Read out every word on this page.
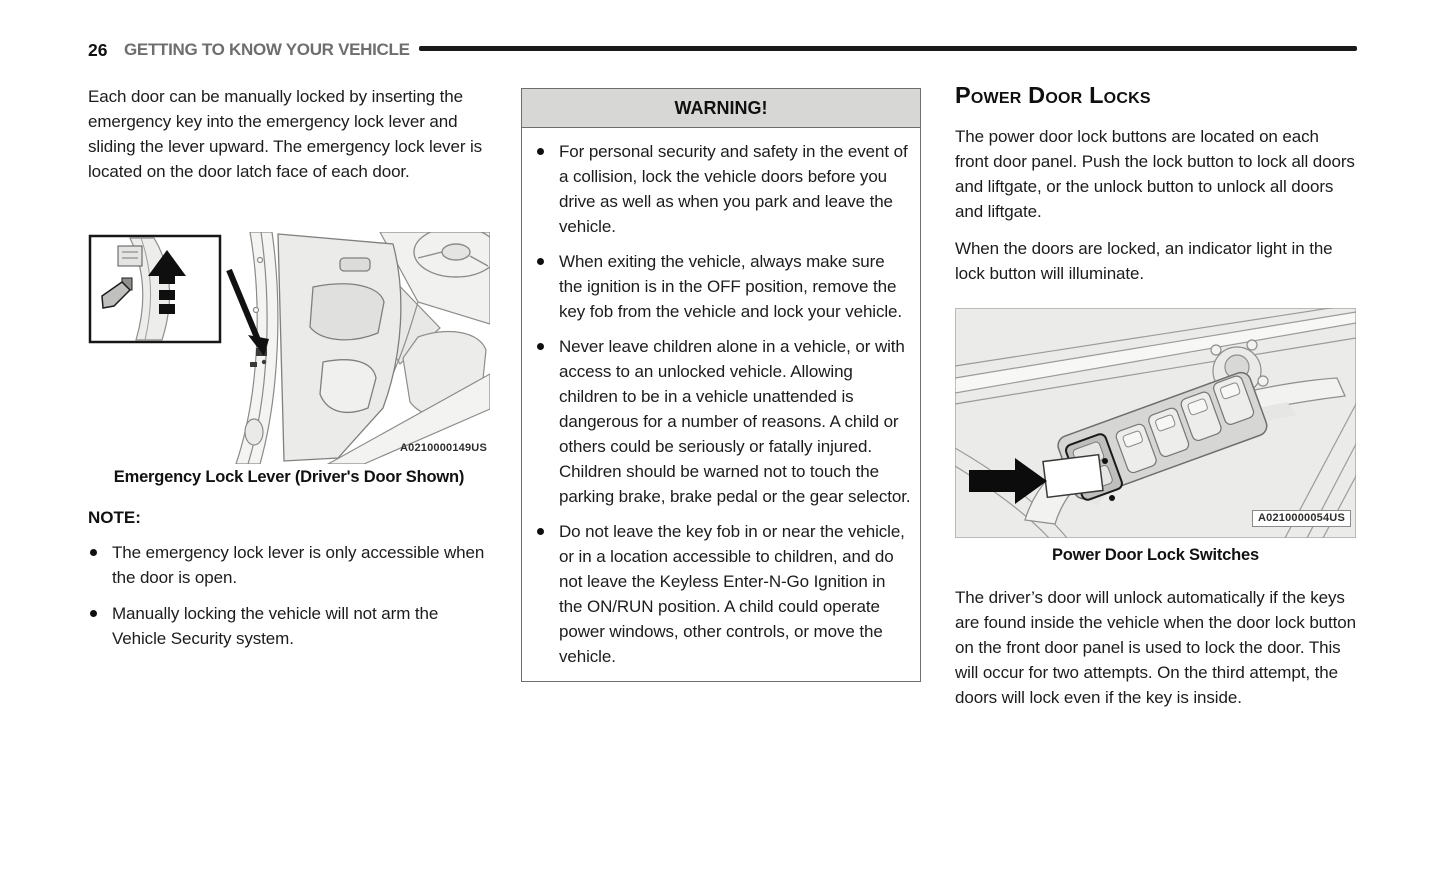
26 GETTING TO KNOW YOUR VEHICLE

Each door can be manually locked by inserting the emergency key into the emergency lock lever and sliding the lever upward. The emergency lock lever is located on the door latch face of each door.

A0210000149US
Emergency Lock Lever (Driver's Door Shown)
NOTE:
The emergency lock lever is only accessible when the door is open.
Manually locking the vehicle will not arm the Vehicle Security system.
WARNING!
For personal security and safety in the event of a collision, lock the vehicle doors before you drive as well as when you park and leave the vehicle.
When exiting the vehicle, always make sure the ignition is in the OFF position, remove the key fob from the vehicle and lock your vehicle.
Never leave children alone in a vehicle, or with access to an unlocked vehicle. Allowing children to be in a vehicle unattended is dangerous for a number of reasons. A child or others could be seriously or fatally injured. Children should be warned not to touch the parking brake, brake pedal or the gear selector.
Do not leave the key fob in or near the vehicle, or in a location accessible to children, and do not leave the Keyless Enter-N-Go Ignition in the ON/RUN position. A child could operate power windows, other controls, or move the vehicle.
Power Door Locks

The power door lock buttons are located on each front door panel. Push the lock button to lock all doors and liftgate, or the unlock button to unlock all doors and liftgate.

When the doors are locked, an indicator light in the lock button will illuminate.

A0210000054US
Power Door Lock Switches

The driver’s door will unlock automatically if the keys are found inside the vehicle when the door lock button on the front door panel is used to lock the door. This will occur for two attempts. On the third attempt, the doors will lock even if the key is inside.
